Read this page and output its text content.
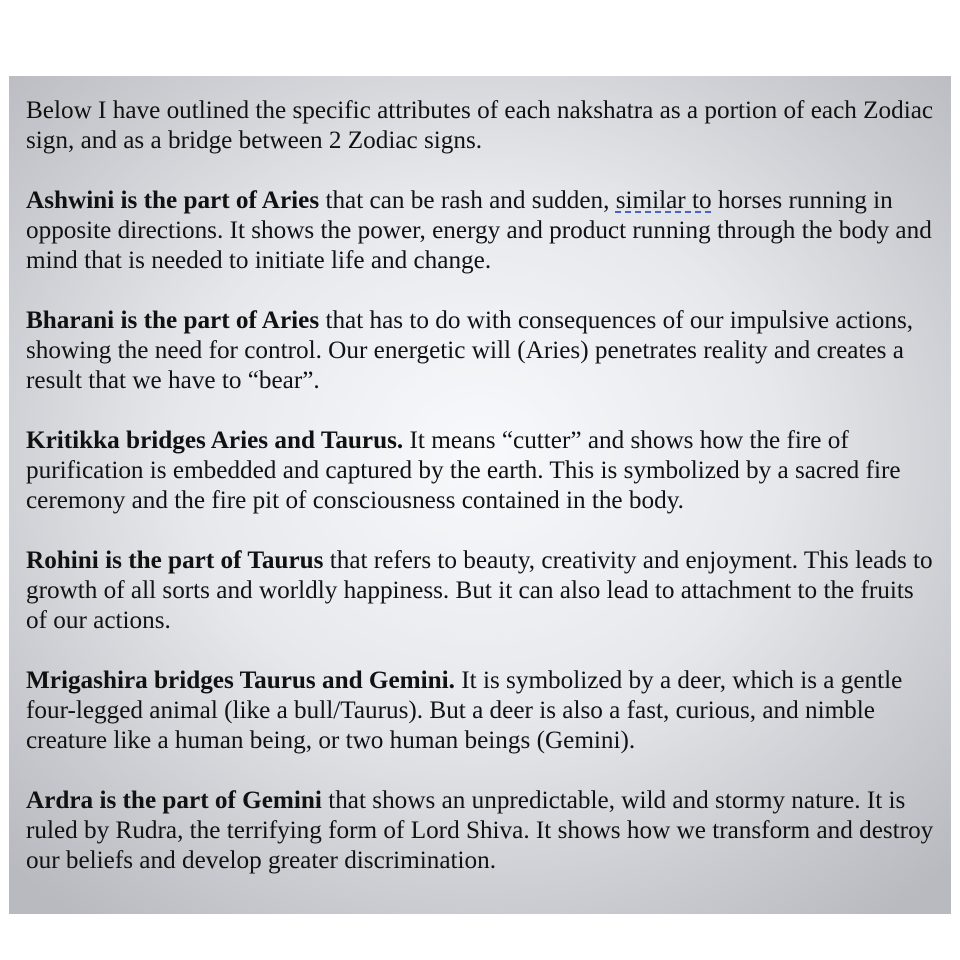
Below I have outlined the specific attributes of each nakshatra as a portion of each Zodiac sign, and as a bridge between 2 Zodiac signs.

Ashwini is the part of Aries that can be rash and sudden, similar to horses running in opposite directions. It shows the power, energy and product running through the body and mind that is needed to initiate life and change.

Bharani is the part of Aries that has to do with consequences of our impulsive actions, showing the need for control. Our energetic will (Aries) penetrates reality and creates a result that we have to “bear”.

Kritikka bridges Aries and Taurus. It means “cutter” and shows how the fire of purification is embedded and captured by the earth. This is symbolized by a sacred fire ceremony and the fire pit of consciousness contained in the body.

Rohini is the part of Taurus that refers to beauty, creativity and enjoyment. This leads to growth of all sorts and worldly happiness. But it can also lead to attachment to the fruits of our actions.

Mrigashira bridges Taurus and Gemini. It is symbolized by a deer, which is a gentle four-legged animal (like a bull/Taurus). But a deer is also a fast, curious, and nimble creature like a human being, or two human beings (Gemini).

Ardra is the part of Gemini that shows an unpredictable, wild and stormy nature. It is ruled by Rudra, the terrifying form of Lord Shiva. It shows how we transform and destroy our beliefs and develop greater discrimination.
